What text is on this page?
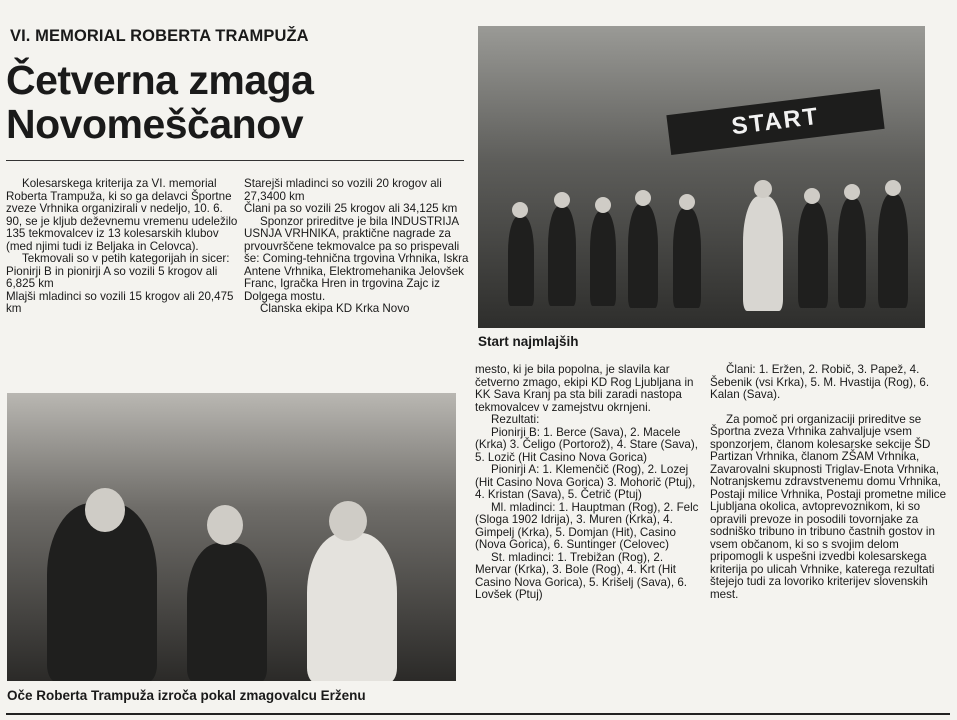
VI. MEMORIAL ROBERTA TRAMPUŽA
Četverna zmaga Novomeščanov

Kolesarskega kriterija za VI. memorial Roberta Trampuža, ki so ga delavci Športne zveze Vrhnika organizirali v nedeljo, 10. 6. 90, se je kljub deževnemu vremenu udeležilo 135 tekmovalcev iz 13 kolesarskih klubov (med njimi tudi iz Beljaka in Celovca).

Tekmovali so v petih kategorijah in sicer:

Pionirji B in pionirji A so vozili 5 krogov ali 6,825 km

Mlajši mladinci so vozili 15 krogov ali 20,475 km

Starejši mladinci so vozili 20 krogov ali 27,3400 km

Člani pa so vozili 25 krogov ali 34,125 km

Sponzor prireditve je bila INDUSTRIJA USNJA VRHNIKA, praktične nagrade za prvouvrščene tekmovalce pa so prispevali še: Coming-tehnična trgovina Vrhnika, Iskra Antene Vrhnika, Elektromehanika Jelovšek Franc, Igračka Hren in trgovina Zajc iz Dolgega mostu.

Članska ekipa KD Krka Novo

START
Start najmlajših

mesto, ki je bila popolna, je slavila kar četverno zmago, ekipi KD Rog Ljubljana in KK Sava Kranj pa sta bili zaradi nastopa tekmovalcev v zamejstvu okrnjeni.

Rezultati:

Pionirji B: 1. Berce (Sava), 2. Macele (Krka) 3. Čeligo (Portorož), 4. Stare (Sava), 5. Lozič (Hit Casino Nova Gorica)

Pionirji A: 1. Klemenčič (Rog), 2. Lozej (Hit Casino Nova Gorica) 3. Mohorič (Ptuj), 4. Kristan (Sava), 5. Četrič (Ptuj)

Ml. mladinci: 1. Hauptman (Rog), 2. Felc (Sloga 1902 Idrija), 3. Muren (Krka), 4. Gimpelj (Krka), 5. Domjan (Hit), Casino (Nova Gorica), 6. Suntinger (Celovec)

St. mladinci: 1. Trebižan (Rog), 2. Mervar (Krka), 3. Bole (Rog), 4. Krt (Hit Casino Nova Gorica), 5. Krišelj (Sava), 6. Lovšek (Ptuj)

Člani: 1. Eržen, 2. Robič, 3. Papež, 4. Šebenik (vsi Krka), 5. M. Hvastija (Rog), 6. Kalan (Sava).

Za pomoč pri organizaciji prireditve se Športna zveza Vrhnika zahvaljuje vsem sponzorjem, članom kolesarske sekcije ŠD Partizan Vrhnika, članom ZŠAM Vrhnika, Zavarovalni skupnosti Triglav-Enota Vrhnika, Notranjskemu zdravstvenemu domu Vrhnika, Postaji milice Vrhnika, Postaji prometne milice Ljubljana okolica, avtoprevoznikom, ki so opravili prevoze in posodili tovornjake za sodniško tribuno in tribuno častnih gostov in vsem občanom, ki so s svojim delom pripomogli k uspešni izvedbi kolesarskega kriterija po ulicah Vrhnike, katerega rezultati štejejo tudi za lovoriko kriterijev slovenskih mest.

Oče Roberta Trampuža izroča pokal zmagovalcu Erženu
